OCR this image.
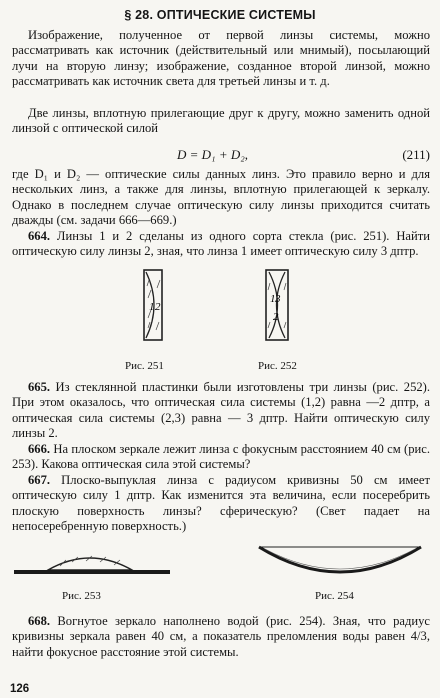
§ 28. ОПТИЧЕСКИЕ СИСТЕМЫ

Изображение, полученное от первой линзы системы, можно рассматривать как источник (действительный или мнимый), посылающий лучи на вторую линзу; изображение, созданное второй линзой, можно рассматривать как источник света для третьей линзы и т. д.

Две линзы, вплотную прилегающие друг к другу, можно заменить одной линзой с оптической силой

D = D₁ + D₂,	(211)

где D₁ и D₂ — оптические силы данных линз. Это правило верно и для нескольких линз, а также для линзы, вплотную прилегающей к зеркалу. Однако в последнем случае оптическую силу линзы приходится считать дважды (см. задачи 666—669.)

664. Линзы 1 и 2 сделаны из одного сорта стекла (рис. 251). Найти оптическую силу линзы 2, зная, что линза 1 имеет оптическую силу 3 дптр.

1 2
Рис. 251
1 3
2
Рис. 252

665. Из стеклянной пластинки были изготовлены три линзы (рис. 252). При этом оказалось, что оптическая сила системы (1,2) равна —2 дптр, а оптическая сила системы (2,3) равна — 3 дптр. Найти оптическую силу линзы 2.

666. На плоском зеркале лежит линза с фокусным расстоянием 40 см (рис. 253). Какова оптическая сила этой системы?

667. Плоско-выпуклая линза с радиусом кривизны 50 см имеет оптическую силу 1 дптр. Как изменится эта величина, если посеребрить плоскую поверхность линзы? сферическую? (Свет падает на непосеребренную поверхность.)

Рис. 253	Рис. 254

668. Вогнутое зеркало наполнено водой (рис. 254). Зная, что радиус кривизны зеркала равен 40 см, а показатель преломления воды равен 4/3, найти фокусное расстояние этой системы.

126
